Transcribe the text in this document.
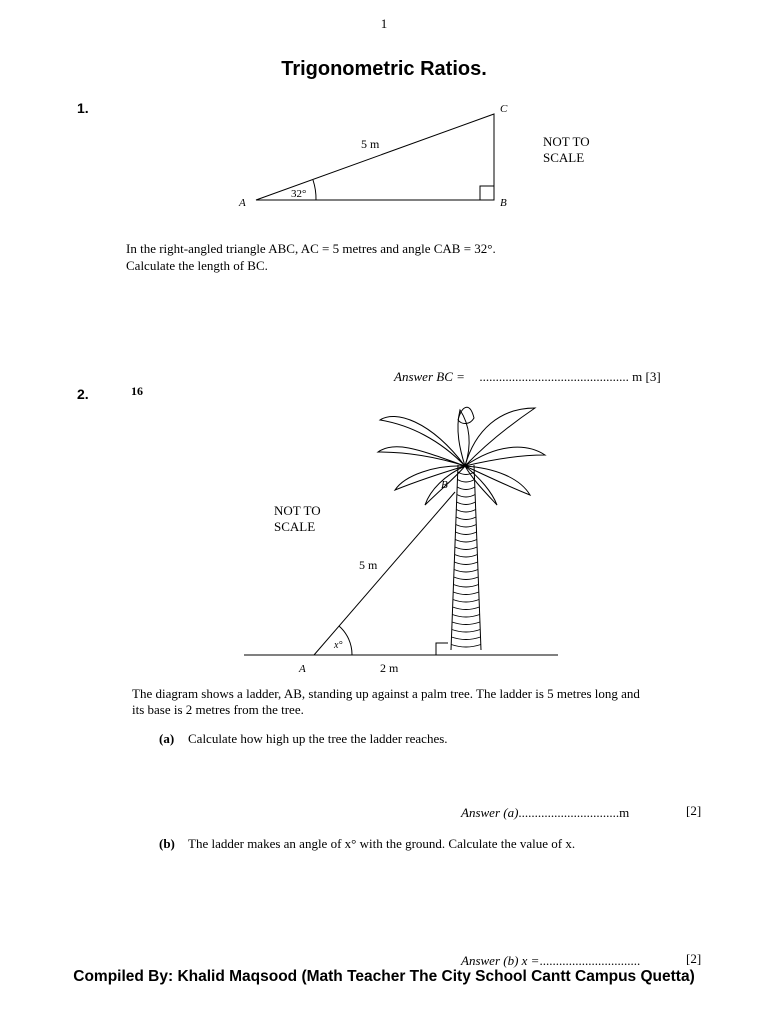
1
Trigonometric Ratios.
1.
A	B
C
5 m
32°
NOT TO
SCALE
In the right-angled triangle ABC, AC = 5 metres and angle CAB = 32°.
Calculate the length of BC.
Answer BC = .............................................. m [3]
2.	16
NOT TO
SCALE
5 m
B
A
x°
2 m
The diagram shows a ladder, AB, standing up against a palm tree. The ladder is 5 metres long and
its base is 2 metres from the tree.
(a) Calculate how high up the tree the ladder reaches.
Answer (a)...............................m	[2]
(b) The ladder makes an angle of x° with the ground. Calculate the value of x.
Answer (b) x =...............................	[2]
Compiled By: Khalid Maqsood (Math Teacher The City School Cantt Campus Quetta)
